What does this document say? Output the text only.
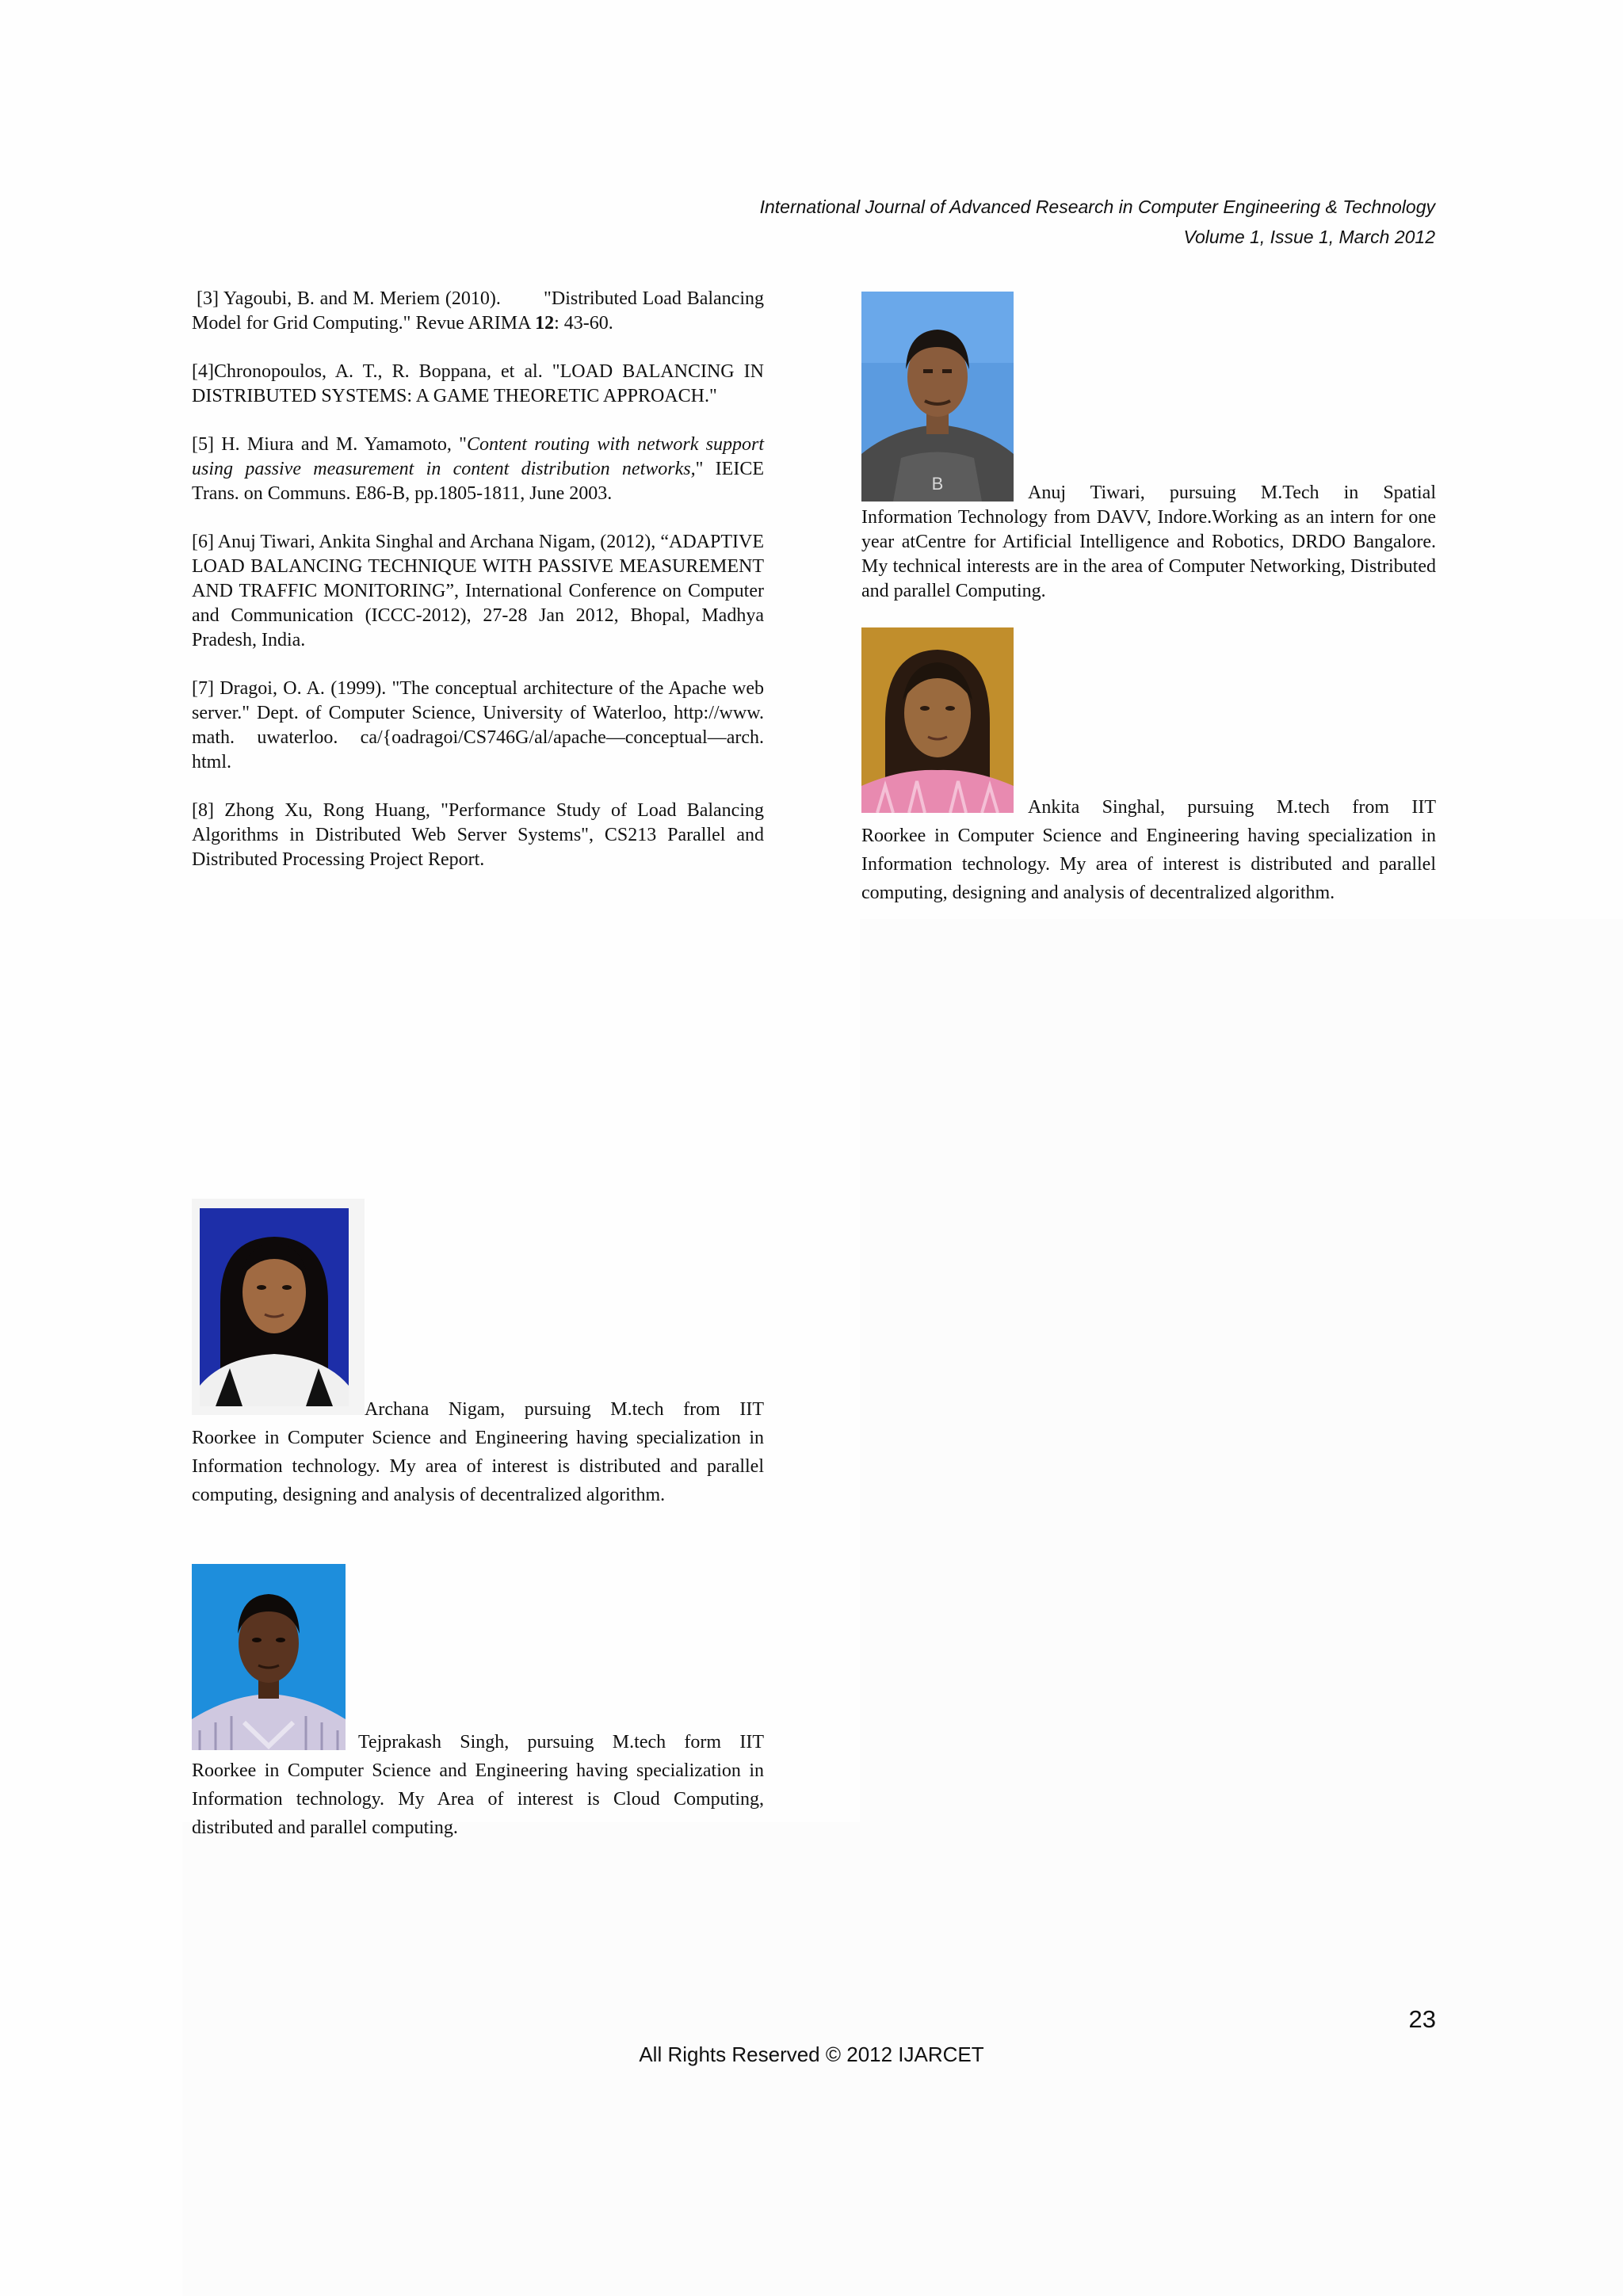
International Journal of Advanced Research in Computer Engineering & Technology
Volume 1, Issue 1, March 2012

[3] Yagoubi, B. and M. Meriem (2010).        "Distributed Load Balancing Model for Grid Computing." Revue ARIMA 12: 43-60.

[4]Chronopoulos, A. T., R. Boppana, et al. "LOAD BALANCING IN DISTRIBUTED SYSTEMS: A GAME THEORETIC APPROACH."

[5] H. Miura and M. Yamamoto, "Content routing with network support using passive measurement in content distribution networks," IEICE Trans. on Communs. E86-B, pp.1805-1811, June 2003.

[6] Anuj Tiwari, Ankita Singhal and Archana Nigam, (2012), “ADAPTIVE LOAD BALANCING TECHNIQUE WITH PASSIVE MEASUREMENT AND TRAFFIC MONITORING”, International Conference on Computer and Communication (ICCC-2012), 27-28 Jan 2012, Bhopal, Madhya Pradesh, India.

[7] Dragoi, O. A. (1999). "The conceptual architecture of the Apache web server." Dept. of Computer Science, University of Waterloo, http://www. math. uwaterloo. ca/{oadragoi/CS746G/al/apache—conceptual—arch. html.

[8] Zhong Xu, Rong Huang, "Performance Study of Load Balancing Algorithms in Distributed Web Server Systems", CS213 Parallel and Distributed Processing Project Report.

B	Anuj Tiwari, pursuing M.Tech in Spatial
Information Technology from DAVV, Indore.Working as an intern for one year atCentre for Artificial Intelligence and Robotics, DRDO Bangalore. My technical interests are in the area of Computer Networking, Distributed and parallel Computing.
Ankita Singhal, pursuing M.tech from IIT
Roorkee in Computer Science and Engineering having specialization in Information technology. My area of interest is distributed and parallel computing, designing and analysis of decentralized algorithm.
Archana Nigam, pursuing M.tech from IIT
Roorkee in Computer Science and Engineering having specialization in Information technology. My area of interest is distributed and parallel computing, designing and analysis of decentralized algorithm.
Tejprakash Singh, pursuing M.tech form IIT
Roorkee in Computer Science and Engineering having specialization in Information technology. My Area of interest is Cloud Computing, distributed and parallel computing.
23
All Rights Reserved © 2012 IJARCET
